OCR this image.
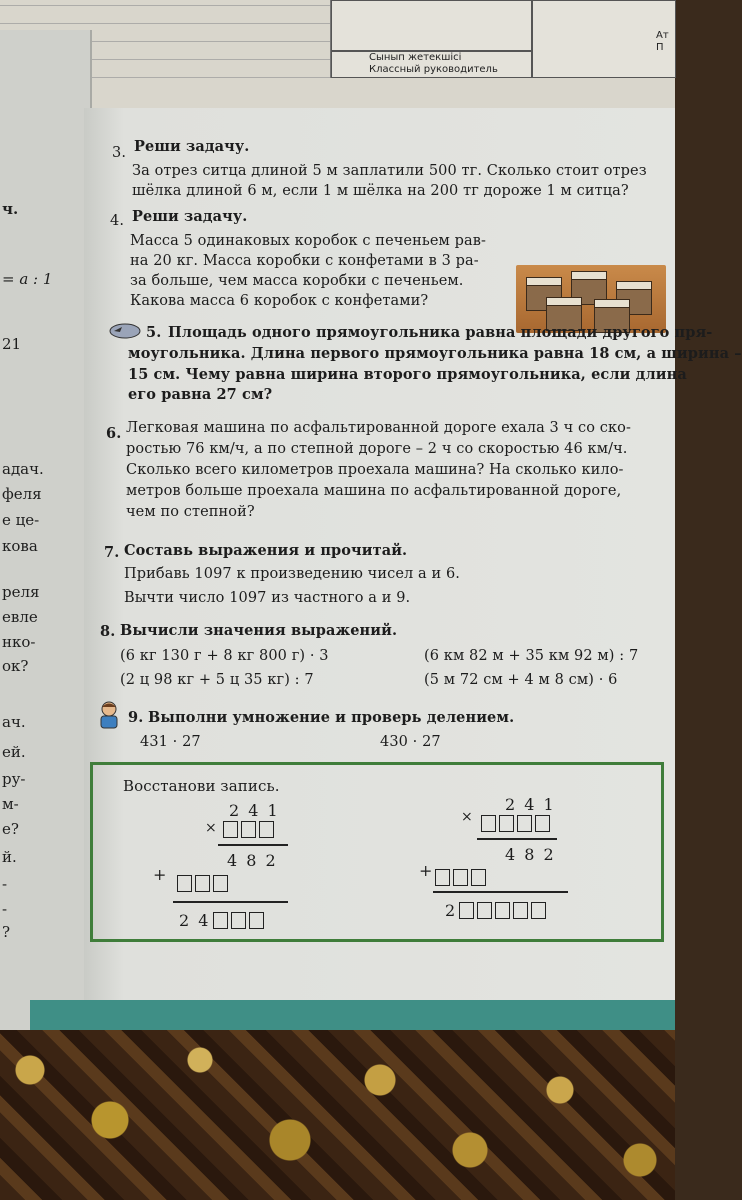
Сынып жетекшісі
Классный руководитель
Ат
П
ч.
= a : 1
21
адач.
феля
е це-
кова
реля
евле
нко-
ок?
ач.
ей.
ру-
м-
е?
й.
-
-
?
3. Реши задачу.
За отрез ситца длиной 5 м заплатили 500 тг. Сколько стоит отрез
шёлка длиной 6 м, если 1 м шёлка на 200 тг дороже 1 м ситца?
4. Реши задачу.
Масса 5 одинаковых коробок с печеньем рав-
на 20 кг. Масса коробки с конфетами в 3 ра-
за больше, чем масса коробки с печеньем.
Какова масса 6 коробок с конфетами?
5. Площадь одного прямоугольника равна площади другого пря-
моугольника. Длина первого прямоугольника равна 18 см, а ширина –
15 см. Чему равна ширина второго прямоугольника, если длина
его равна 27 см?
6. Легковая машина по асфальтированной дороге ехала 3 ч со ско-
ростью 76 км/ч, а по степной дороге – 2 ч со скоростью 46 км/ч.
Сколько всего километров проехала машина? На сколько кило-
метров больше проехала машина по асфальтированной дороге,
чем по степной?
7. Составь выражения и прочитай.
Прибавь 1097 к произведению чисел a и 6.
Вычти число 1097 из частного a и 9.
8. Вычисли значения выражений.
(6 кг 130 г + 8 кг 800 г) · 3	(6 км 82 м + 35 км 92 м) : 7
(2 ц 98 кг + 5 ц 35 кг) : 7	(5 м 72 см + 4 м 8 см) · 6
9. Выполни умножение и проверь делением.
431 · 27	430 · 27
Восстанови запись.
2 4 1
×
4 8 2
+
2 4
2 4 1
×
4 8 2
+
2
